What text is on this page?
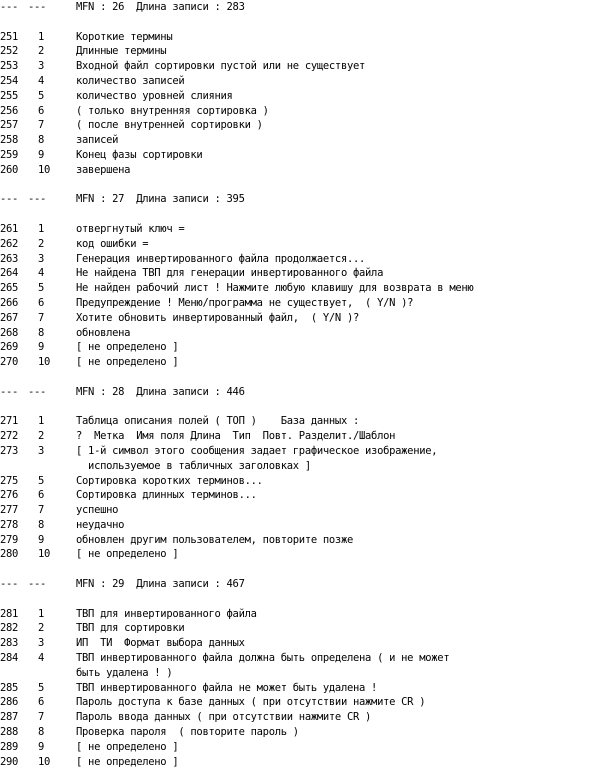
--- ---	MFN : 26  Длина записи : 283
251	1	Короткие термины
252	2	Длинные термины
253	3	Входной файл сортировки пустой или не существует
254	4	количество записей
255	5	количество уровней слияния
256	6	( только внутренняя сортировка )
257	7	( после внутренней сортировки )
258	8	записей
259	9	Конец фазы сортировки
260	10	завершена
--- ---	MFN : 27  Длина записи : 395
261	1	отвергнутый ключ =
262	2	код ошибки =
263	3	Генерация инвертированного файла продолжается...
264	4	Не найдена ТВП для генерации инвертированного файла
265	5	Не найден рабочий лист ! Нажмите любую клавишу для возврата в меню
266	6	Предупреждение ! Меню/программа не существует,  ( Y/N )?
267	7	Хотите обновить инвертированный файл,  ( Y/N )?
268	8	обновлена
269	9	[ не определено ]
270	10	[ не определено ]
--- ---	MFN : 28  Длина записи : 446
271	1	Таблица описания полей ( ТОП )    База данных :
272	2	?  Метка  Имя поля Длина  Тип  Повт. Разделит./Шаблон
273	3	[ 1-й символ этого сообщения задает графическое изображение,
используемое в табличных заголовках ]
275	5	Сортировка коротких терминов...
276	6	Сортировка длинных терминов...
277	7	успешно
278	8	неудачно
279	9	обновлен другим пользователем, повторите позже
280	10	[ не определено ]
--- ---	MFN : 29  Длина записи : 467
281	1	ТВП для инвертированного файла
282	2	ТВП для сортировки
283	3	ИП  ТИ  Формат выбора данных
284	4	ТВП инвертированного файла должна быть определена ( и не может
быть удалена ! )
285	5	ТВП инвертированного файла не может быть удалена !
286	6	Пароль доступа к базе данных ( при отсутствии нажмите CR )
287	7	Пароль ввода данных ( при отсутствии нажмите CR )
288	8	Проверка пароля  ( повторите пароль )
289	9	[ не определено ]
290	10	[ не определено ]
